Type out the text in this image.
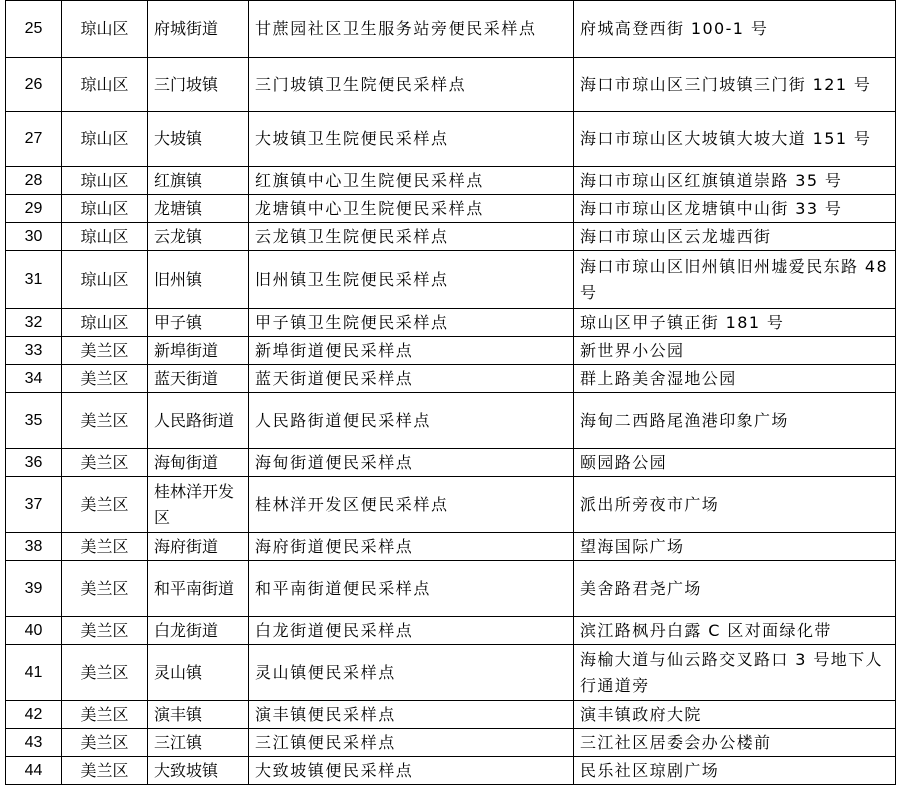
25	琼山区	府城街道	甘蔗园社区卫生服务站旁便民采样点	府城高登西街 100-1 号
26	琼山区	三门坡镇	三门坡镇卫生院便民采样点	海口市琼山区三门坡镇三门街 121 号
27	琼山区	大坡镇	大坡镇卫生院便民采样点	海口市琼山区大坡镇大坡大道 151 号
28	琼山区	红旗镇	红旗镇中心卫生院便民采样点	海口市琼山区红旗镇道崇路 35 号
29	琼山区	龙塘镇	龙塘镇中心卫生院便民采样点	海口市琼山区龙塘镇中山街 33 号
30	琼山区	云龙镇	云龙镇卫生院便民采样点	海口市琼山区云龙墟西街
31	琼山区	旧州镇	旧州镇卫生院便民采样点	海口市琼山区旧州镇旧州墟爱民东路 48 号
32	琼山区	甲子镇	甲子镇卫生院便民采样点	琼山区甲子镇正街 181 号
33	美兰区	新埠街道	新埠街道便民采样点	新世界小公园
34	美兰区	蓝天街道	蓝天街道便民采样点	群上路美舍湿地公园
35	美兰区	人民路街道	人民路街道便民采样点	海甸二西路尾渔港印象广场
36	美兰区	海甸街道	海甸街道便民采样点	颐园路公园
37	美兰区	桂林洋开发区	桂林洋开发区便民采样点	派出所旁夜市广场
38	美兰区	海府街道	海府街道便民采样点	望海国际广场
39	美兰区	和平南街道	和平南街道便民采样点	美舍路君尧广场
40	美兰区	白龙街道	白龙街道便民采样点	滨江路枫丹白露 C 区对面绿化带
41	美兰区	灵山镇	灵山镇便民采样点	海榆大道与仙云路交叉路口 3 号地下人行通道旁
42	美兰区	演丰镇	演丰镇便民采样点	演丰镇政府大院
43	美兰区	三江镇	三江镇便民采样点	三江社区居委会办公楼前
44	美兰区	大致坡镇	大致坡镇便民采样点	民乐社区琼剧广场
